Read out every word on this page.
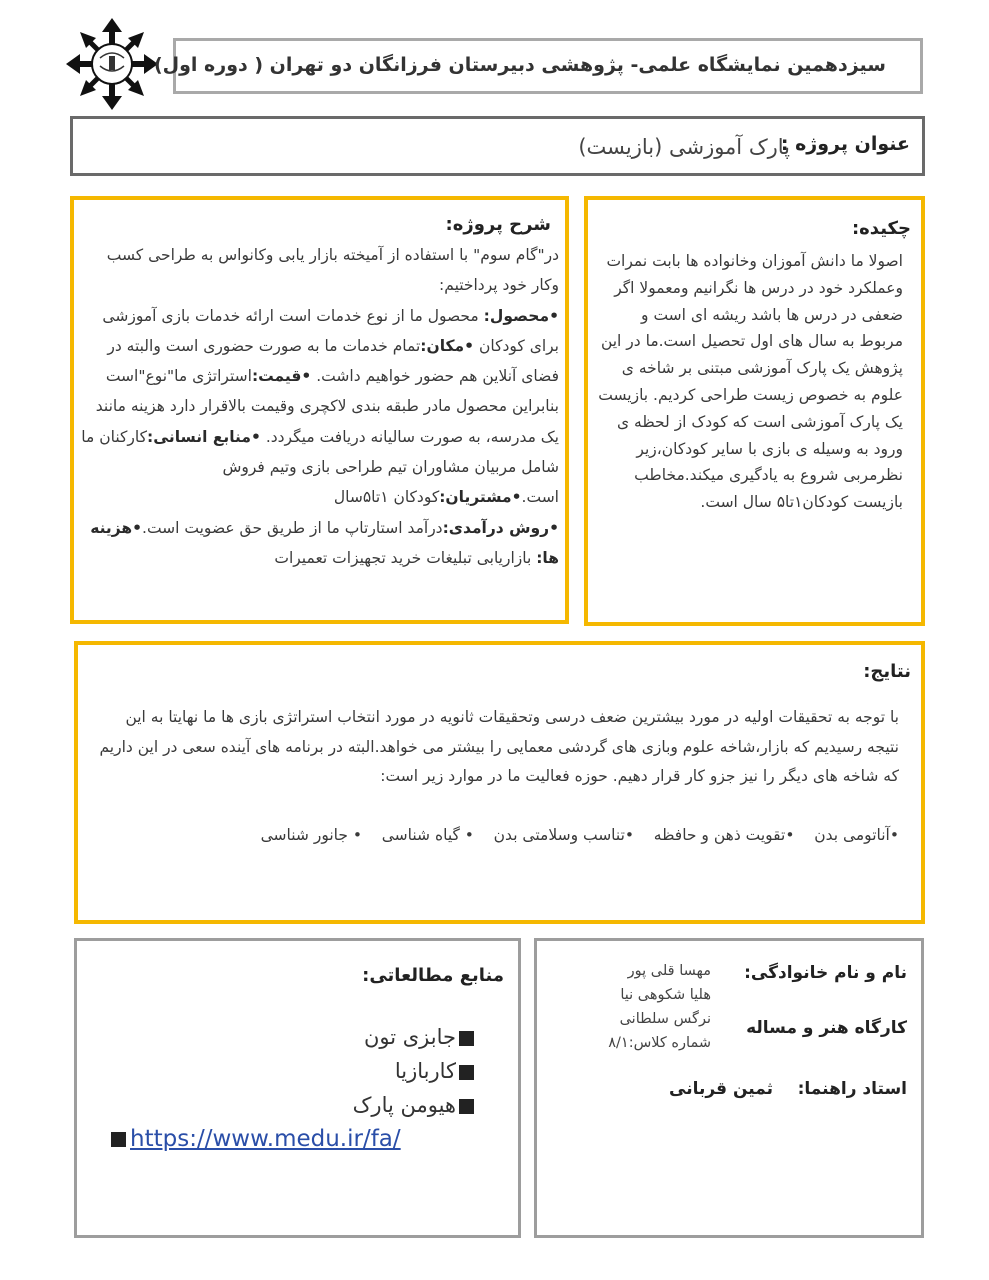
سیزدهمین نمایشگاه علمی- پژوهشی دبیرستان فرزانگان دو تهران ( دوره اول)
عنوان پروژه :
پارک آموزشی (بازیست)
شرح پروژه:
در"گام سوم" با استفاده از آمیخته بازار یابی وکانواس به طراحی کسب وکار خود پرداختیم:
•محصول: محصول ما از نوع خدمات است ارائه خدمات بازی آموزشی برای کودکان •مکان:تمام خدمات ما به صورت حضوری است والبته در فضای آنلاین هم حضور خواهیم داشت. •قیمت:استراتژی ما"نوع"است بنابراین محصول مادر طبقه بندی لاکچری وقیمت بالاقرار دارد هزینه مانند یک مدرسه، به صورت سالیانه دریافت میگردد. •منابع انسانی:کارکنان ما شامل مربیان مشاوران تیم طراحی بازی وتیم فروش است.•مشتریان:کودکان ۱تا۵سال
•روش درآمدی:درآمد استارتاپ ما از طریق حق عضویت است.•هزینه ها: بازاریابی تبلیغات خرید تجهیزات تعمیرات
چکیده:
اصولا ما دانش آموزان وخانواده ها بابت نمرات وعملکرد خود در درس ها نگرانیم ومعمولا اگر ضعفی در درس ها باشد ریشه ای است و مربوط به سال های اول تحصیل است.ما در این پژوهش یک پارک آموزشی مبتنی بر شاخه ی علوم به خصوص زیست طراحی کردیم. بازیست یک پارک آموزشی است که کودک از لحظه ی ورود به وسیله ی بازی با سایر کودکان،زیر نظرمربی شروع به یادگیری میکند.مخاطب بازیست کودکان۱تا۵ سال است.
نتایج:
با توجه به تحقیقات اولیه در مورد بیشترین ضعف درسی وتحقیقات ثانویه در مورد انتخاب استراتژی بازی ها ما نهایتا به این نتیجه رسیدیم که بازار،شاخه علوم وبازی های گردشی معمایی را بیشتر می خواهد.البته در برنامه های آینده سعی در این داریم که شاخه های دیگر را نیز جزو کار قرار دهیم. حوزه فعالیت ما در موارد زیر است:
•آناتومی بدن    •تقویت ذهن و حافظه    •تناسب وسلامتی بدن    • گیاه شناسی    • جانور شناسی
منابع مطالعاتی:
جابزی تون
کاربازیا
هیومن پارک
https://www.medu.ir/fa/
نام و نام خانوادگی:
مهسا قلی پور
هلیا شکوهی نیا
نرگس سلطانی
شماره کلاس:۸/۱
کارگاه هنر و مساله
استاد راهنما:
ثمین قربانی
